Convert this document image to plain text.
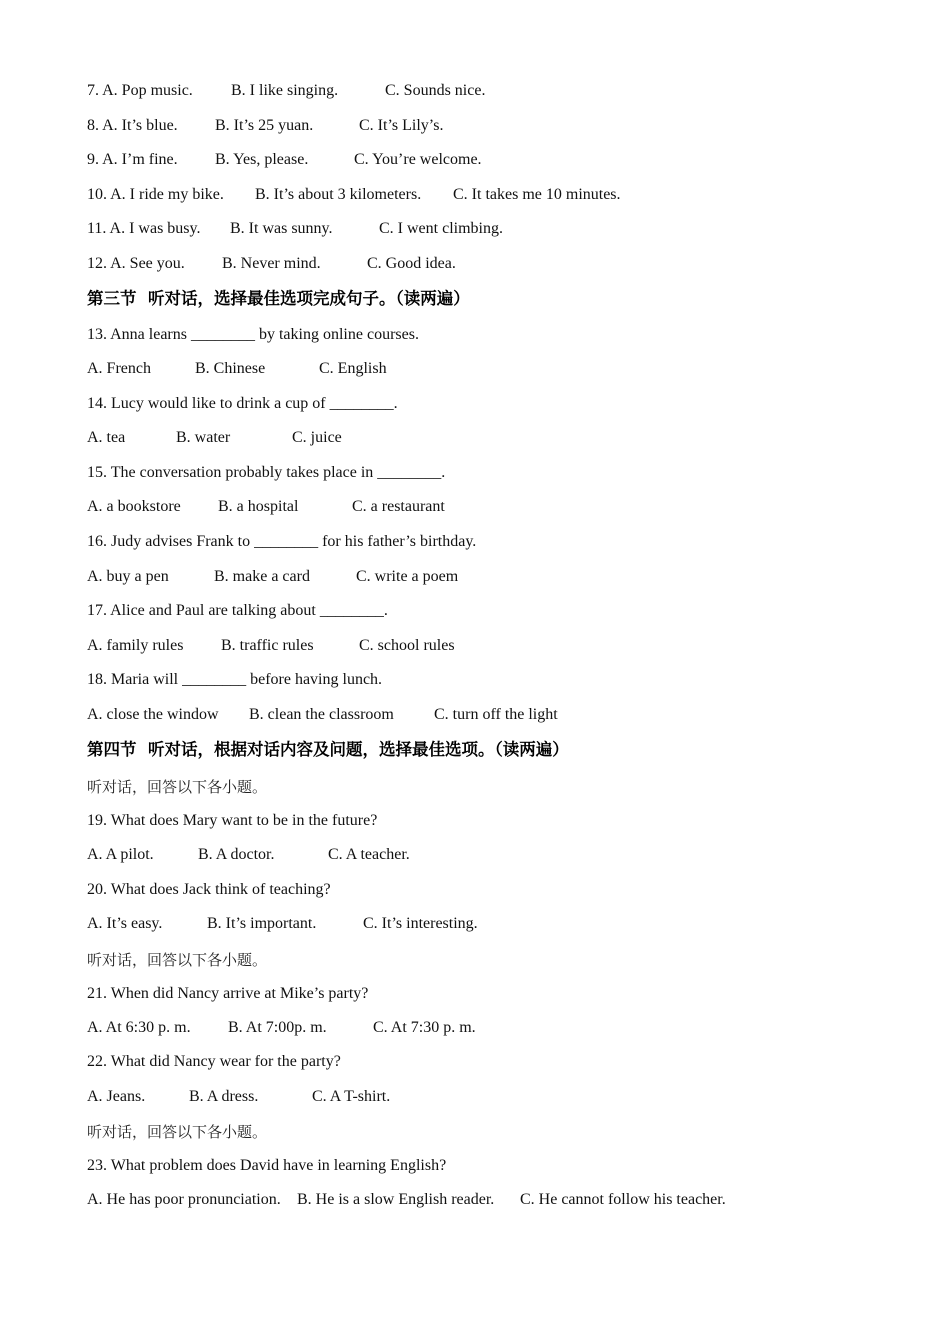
7. A. Pop music.

B. I like singing.

	C. Sounds nice.

8. A. It’s blue.

B. It’s 25 yuan.

	C. It’s Lily’s.

9. A. I’m fine.

B. Yes, please.

	C. You’re welcome.

10. A. I ride my bike.

B. It’s about 3 kilometers.

C. It takes me 10 minutes.

11. A. I was busy.

B. It was sunny.

	C. I went climbing.

12. A. See you.

B. Never mind.

	C. Good idea.

第三节  听对话，选择最佳选项完成句子。（读两遍）
13. Anna learns ________ by taking online courses.

A. French

	B. Chinese

	C. English

14. Lucy would like to drink a cup of ________.

A. tea

	B. water

	C. juice

15. The conversation probably takes place in ________.

A. a bookstore

B. a hospital

	C. a restaurant

16. Judy advises Frank to ________ for his father’s birthday.

A. buy a pen

	B. make a card

	C. write a poem

17. Alice and Paul are talking about ________.

A. family rules

B. traffic rules

	C. school rules

18. Maria will ________ before having lunch.

A. close the window

B. clean the classroom

	C. turn off the light

第四节  听对话，根据对话内容及问题，选择最佳选项。（读两遍）
听对话，回答以下各小题。
19. What does Mary want to be in the future?

A. A pilot.

	B. A doctor.

	C. A teacher.

20. What does Jack think of teaching?

A. It’s easy.

	B. It’s important.

	C. It’s interesting.

听对话，回答以下各小题。
21. When did Nancy arrive at Mike’s party?

A. At 6:30 p. m.

B. At 7:00p. m.

	C. At 7:30 p. m.

22. What did Nancy wear for the party?

A. Jeans.

	B. A dress.

	C. A T-shirt.

听对话，回答以下各小题。
23. What problem does David have in learning English?

A. He has poor pronunciation.

B. He is a slow English reader.

C. He cannot follow his teacher.
